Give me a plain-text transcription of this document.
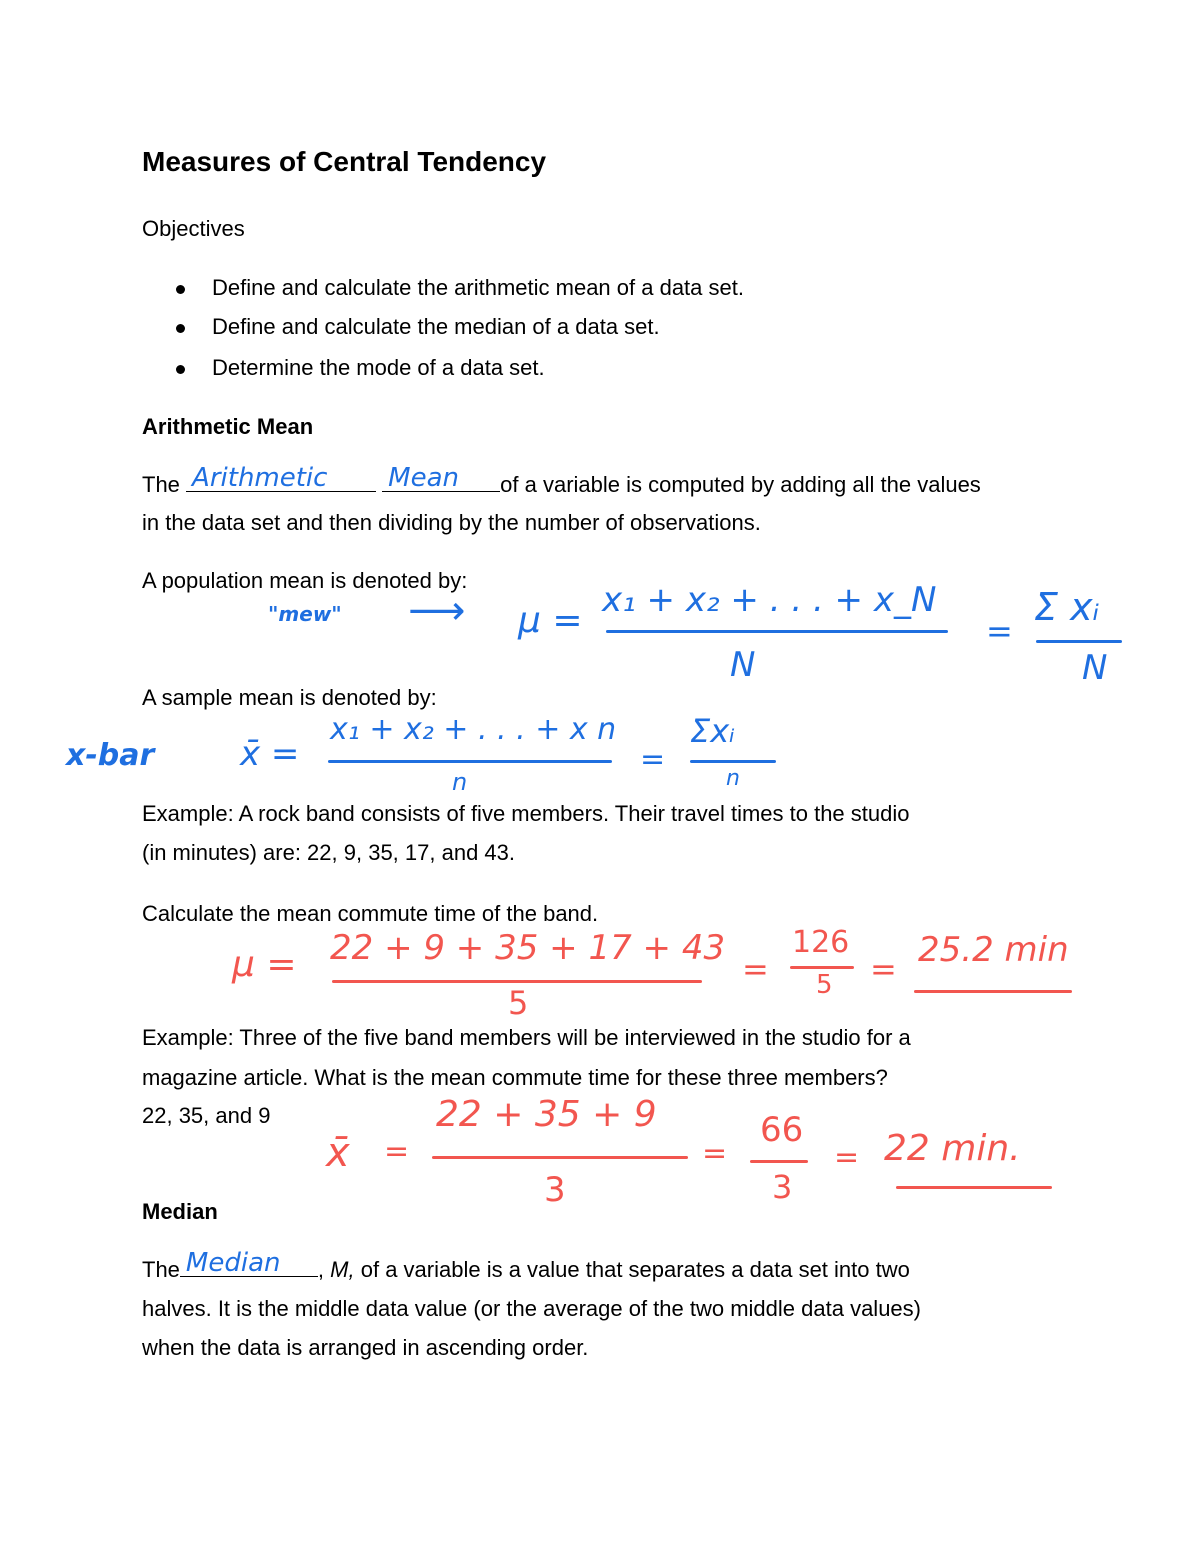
Measures of Central Tendency
Objectives
Define and calculate the arithmetic mean of a data set.
Define and calculate the median of a data set.
Determine the mode of a data set.
Arithmetic Mean
The Arithmetic
Mean of a variable is computed by adding all the values
in the data set and then dividing by the number of observations.
A population mean is denoted by:
"mew" ⟶ μ = x₁ + x₂ + . . . + x_N
N
=
Σ xᵢ
N
A sample mean is denoted by:
x-bar	x̄ =
x₁ + x₂ + . . . + x n
n
=
Σxᵢ
n
Example: A rock band consists of five members. Their travel times to the studio
(in minutes) are: 22, 9, 35, 17, and 43.
Calculate the mean commute time of the band.
μ = 22 + 9 + 35 + 17 + 43
5
=
126
5 = 25.2 min
Example: Three of the five band members will be interviewed in the studio for a
magazine article. What is the mean commute time for these three members?
22, 35, and 9
x̄ =
22 + 35 + 9
3
=
66
3
= 22 min.
Median
The Median , M, of a variable is a value that separates a data set into two
halves. It is the middle data value (or the average of the two middle data values)
when the data is arranged in ascending order.
